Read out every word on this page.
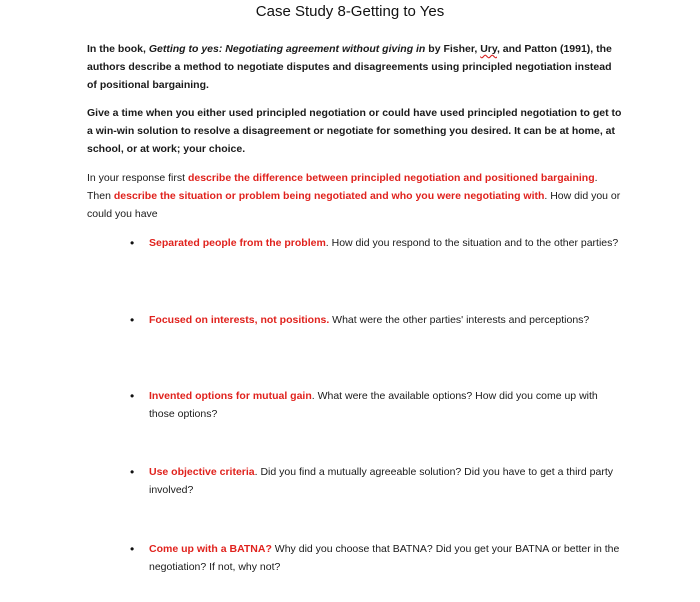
Case Study 8-Getting to Yes

In the book, Getting to yes: Negotiating agreement without giving in by Fisher, Ury, and Patton (1991), the authors describe a method to negotiate disputes and disagreements using principled negotiation instead of positional bargaining.

Give a time when you either used principled negotiation or could have used principled negotiation to get to a win-win solution to resolve a disagreement or negotiate for something you desired. It can be at home, at school, or at work; your choice.

In your response first describe the difference between principled negotiation and positioned bargaining. Then describe the situation or problem being negotiated and who you were negotiating with. How did you or could you have

• Separated people from the problem. How did you respond to the situation and to the other parties?

• Focused on interests, not positions. What were the other parties' interests and perceptions?

• Invented options for mutual gain. What were the available options? How did you come up with those options?

• Use objective criteria. Did you find a mutually agreeable solution? Did you have to get a third party involved?

• Come up with a BATNA? Why did you choose that BATNA? Did you get your BATNA or better in the negotiation? If not, why not?
